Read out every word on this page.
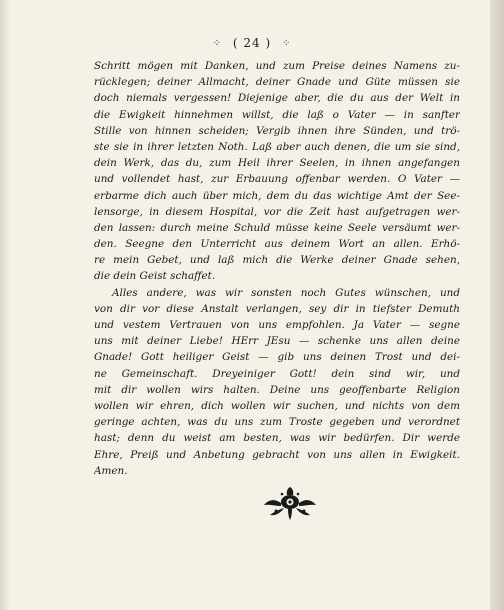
⁘ ( 24 ) ⁘
Schritt mögen mit Danken, und zum Preise deines Namens zu-
rücklegen; deiner Allmacht, deiner Gnade und Güte müssen sie
doch niemals vergessen! Diejenige aber, die du aus der Welt in
die Ewigkeit hinnehmen willst, die laß o Vater — in sanfter
Stille von hinnen scheiden; Vergib ihnen ihre Sünden, und trö-
ste sie in ihrer letzten Noth. Laß aber auch denen, die um sie sind,
dein Werk, das du, zum Heil ihrer Seelen, in ihnen angefangen
und vollendet hast, zur Erbauung offenbar werden. O Vater —
erbarme dich auch über mich, dem du das wichtige Amt der See-
lensorge, in diesem Hospital, vor die Zeit hast aufgetragen wer-
den lassen: durch meine Schuld müsse keine Seele versäumt wer-
den. Seegne den Unterricht aus deinem Wort an allen. Erhö-
re mein Gebet, und laß mich die Werke deiner Gnade sehen,
die dein Geist schaffet.
Alles andere, was wir sonsten noch Gutes wünschen, und
von dir vor diese Anstalt verlangen, sey dir in tiefster Demuth
und vestem Vertrauen von uns empfohlen. Ja Vater — segne
uns mit deiner Liebe! HErr JEsu — schenke uns allen deine
Gnade! Gott heiliger Geist — gib uns deinen Trost und dei-
ne Gemeinschaft. Dreyeiniger Gott! dein sind wir, und
mit dir wollen wirs halten. Deine uns geoffenbarte Religion
wollen wir ehren, dich wollen wir suchen, und nichts von dem
geringe achten, was du uns zum Troste gegeben und verordnet
hast; denn du weist am besten, was wir bedürfen. Dir werde
Ehre, Preiß und Anbetung gebracht von uns allen in Ewigkeit.
Amen.
